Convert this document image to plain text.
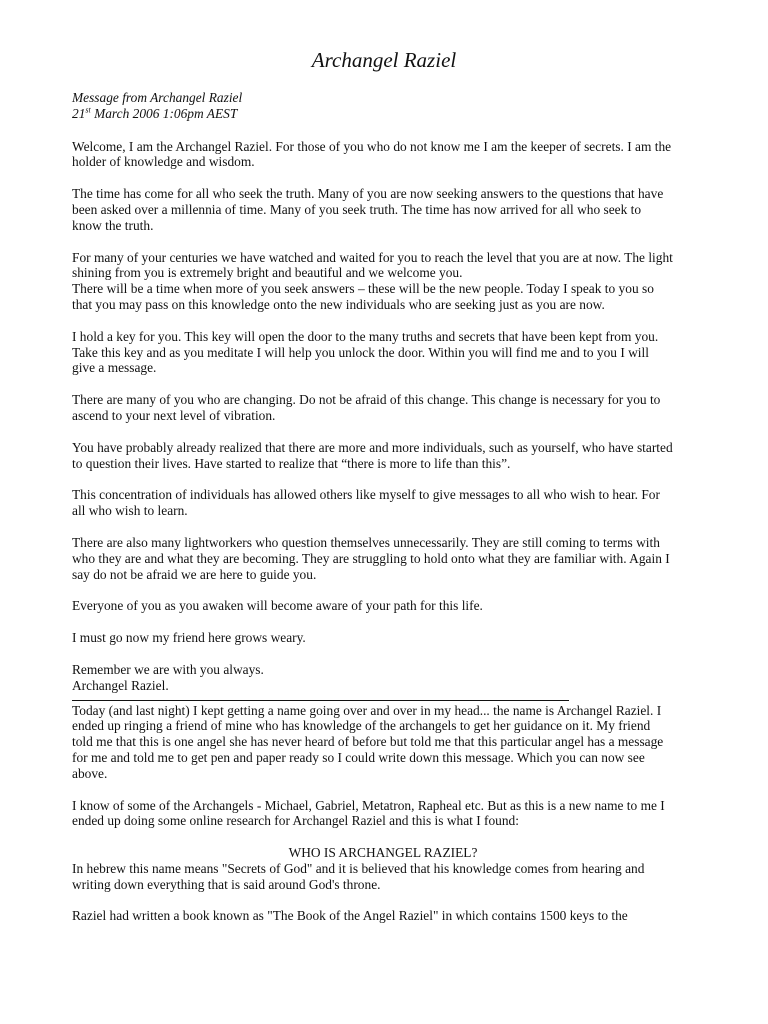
Archangel Raziel
Message from Archangel Raziel
21st March 2006 1:06pm AEST

Welcome, I am the Archangel Raziel. For those of you who do not know me I am the keeper of secrets. I am the
holder of knowledge and wisdom.

The time has come for all who seek the truth. Many of you are now seeking answers to the questions that have
been asked over a millennia of time. Many of you seek truth. The time has now arrived for all who seek to
know the truth.

For many of your centuries we have watched and waited for you to reach the level that you are at now. The light
shining from you is extremely bright and beautiful and we welcome you.
There will be a time when more of you seek answers – these will be the new people. Today I speak to you so
that you may pass on this knowledge onto the new individuals who are seeking just as you are now.

I hold a key for you. This key will open the door to the many truths and secrets that have been kept from you.
Take this key and as you meditate I will help you unlock the door. Within you will find me and to you I will
give a message.

There are many of you who are changing. Do not be afraid of this change. This change is necessary for you to
ascend to your next level of vibration.

You have probably already realized that there are more and more individuals, such as yourself, who have started
to question their lives. Have started to realize that “there is more to life than this”.

This concentration of individuals has allowed others like myself to give messages to all who wish to hear. For
all who wish to learn.

There are also many lightworkers who question themselves unnecessarily. They are still coming to terms with
who they are and what they are becoming. They are struggling to hold onto what they are familiar with. Again I
say do not be afraid we are here to guide you.

Everyone of you as you awaken will become aware of your path for this life.

I must go now my friend here grows weary.

Remember we are with you always.
Archangel Raziel.

Today (and last night) I kept getting a name going over and over in my head... the name is Archangel Raziel. I
ended up ringing a friend of mine who has knowledge of the archangels to get her guidance on it. My friend
told me that this is one angel she has never heard of before but told me that this particular angel has a message
for me and told me to get pen and paper ready so I could write down this message. Which you can now see
above.

I know of some of the Archangels - Michael, Gabriel, Metatron, Rapheal etc. But as this is a new name to me I
ended up doing some online research for Archangel Raziel and this is what I found:

WHO IS ARCHANGEL RAZIEL?

In hebrew this name means "Secrets of God" and it is believed that his knowledge comes from hearing and
writing down everything that is said around God's throne.

Raziel had written a book known as "The Book of the Angel Raziel" in which contains 1500 keys to the
